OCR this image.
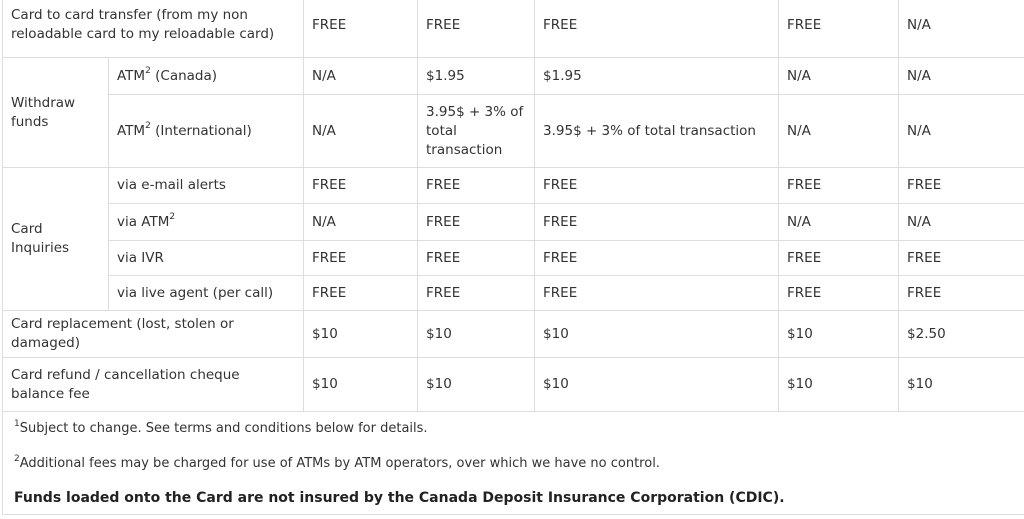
Card to card transfer (from my non reloadable card to my reloadable card)		FREE	FREE	FREE	FREE	N/A
Withdraw funds	ATM$^2$ (Canada)	N/A	$1.95	$1.95	N/A	N/A
	ATM$^2$ (International)	N/A	3.95$ + 3% of total transaction	3.95$ + 3% of total transaction	N/A	N/A
Card Inquiries	via e-mail alerts	FREE	FREE	FREE	FREE	FREE
	via ATM$^2$	N/A	FREE	FREE	N/A	N/A
	via IVR	FREE	FREE	FREE	FREE	FREE
	via live agent (per call)	FREE	FREE	FREE	FREE	FREE
Card replacement (lost, stolen or damaged)		$10	$10	$10	$10	$2.50
Card refund / cancellation cheque balance fee		$10	$10	$10	$10	$10
$^1$Subject to change. See terms and conditions below for details.
$^2$Additional fees may be charged for use of ATMs by ATM operators, over which we have no control.
Funds loaded onto the Card are not insured by the Canada Deposit Insurance Corporation (CDIC).
